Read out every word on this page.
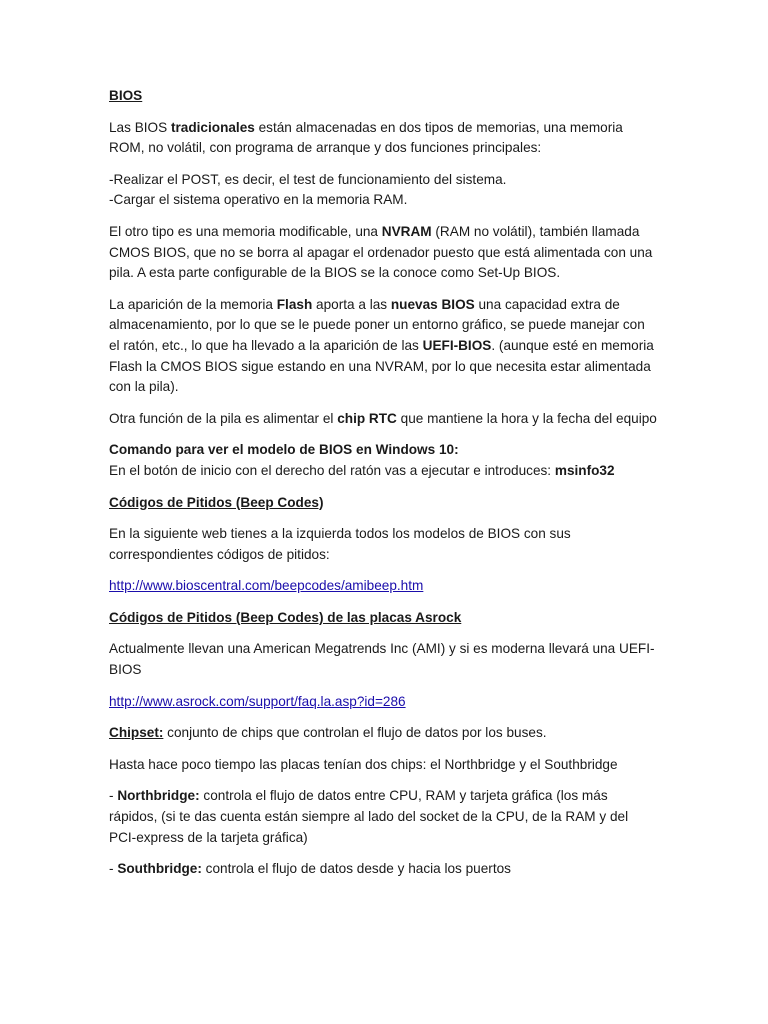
BIOS

Las BIOS tradicionales están almacenadas en dos tipos de memorias, una memoria ROM, no volátil, con programa de arranque y dos funciones principales:

-Realizar el POST, es decir, el test de funcionamiento del sistema.
-Cargar el sistema operativo en la memoria RAM.

El otro tipo es una memoria modificable, una NVRAM (RAM no volátil), también llamada CMOS BIOS, que no se borra al apagar el ordenador puesto que está alimentada con una pila. A esta parte configurable de la BIOS se la conoce como Set-Up BIOS.

La aparición de la memoria Flash aporta a las nuevas BIOS una capacidad extra de almacenamiento, por lo que se le puede poner un entorno gráfico, se puede manejar con el ratón, etc., lo que ha llevado a la aparición de las UEFI-BIOS. (aunque esté en memoria Flash la CMOS BIOS sigue estando en una NVRAM, por lo que necesita estar alimentada con la pila).

Otra función de la pila es alimentar el chip RTC que mantiene la hora y la fecha del equipo

Comando para ver el modelo de BIOS en Windows 10:
En el botón de inicio con el derecho del ratón vas a ejecutar e introduces: msinfo32

Códigos de Pitidos (Beep Codes)

En la siguiente web tienes a la izquierda todos los modelos de BIOS con sus correspondientes códigos de pitidos:

http://www.bioscentral.com/beepcodes/amibeep.htm

Códigos de Pitidos (Beep Codes) de las placas Asrock

Actualmente llevan una American Megatrends Inc (AMI) y si es moderna llevará una UEFI-BIOS

http://www.asrock.com/support/faq.la.asp?id=286

Chipset: conjunto de chips que controlan el flujo de datos por los buses.

Hasta hace poco tiempo las placas tenían dos chips: el Northbridge y el Southbridge

- Northbridge: controla el flujo de datos entre CPU, RAM y tarjeta gráfica (los más rápidos, (si te das cuenta están siempre al lado del socket de la CPU, de la RAM y del PCI-express de la tarjeta gráfica)

- Southbridge: controla el flujo de datos desde y hacia los puertos
